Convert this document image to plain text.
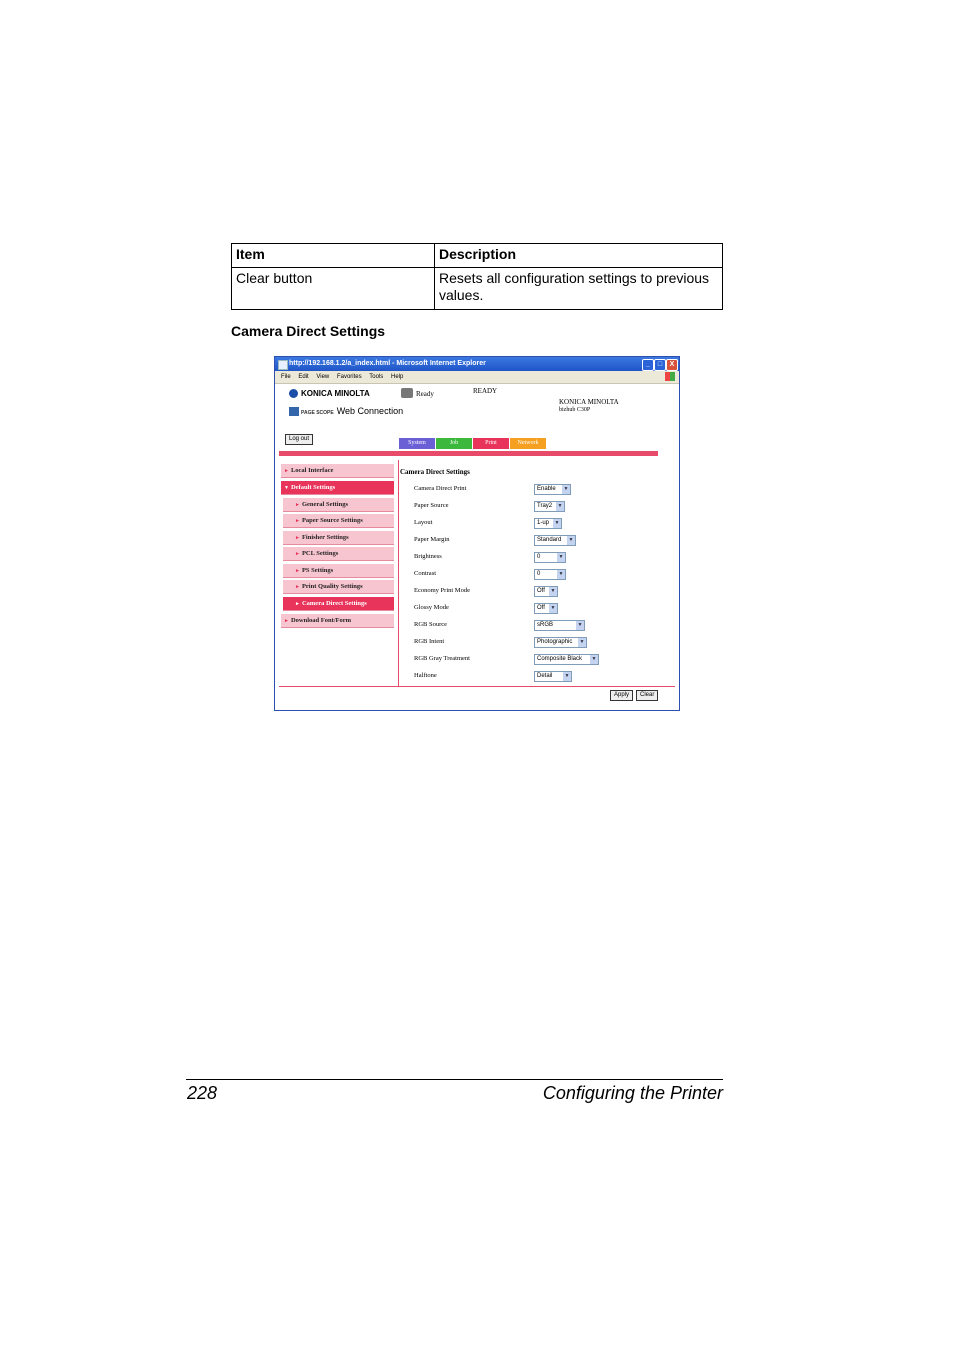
Item	Description
Clear button	Resets all configuration settings to previous values.
Camera Direct Settings
http://192.168.1.2/a_index.html - Microsoft Internet Explorer	_	□	X
File Edit View Favorites Tools Help
KONICA MINOLTA
PAGE SCOPE Web Connection
Ready	READY
KONICA MINOLTA
bizhub C30P
Log out
System	Job	Print	Network
► Local Interface
▼ Default Settings
► General Settings
► Paper Source Settings
► Finisher Settings
► PCL Settings
► PS Settings
► Print Quality Settings
► Camera Direct Settings
► Download Font/Form
Camera Direct Settings
Camera Direct Print	Enable	▼
Paper Source	Tray2	▼
Layout	1-up	▼
Paper Margin	Standard	▼
Brightness	0	▼
Contrast	0	▼
Economy Print Mode	Off	▼
Glossy Mode	Off	▼
RGB Source	sRGB	▼
RGB Intent	Photographic	▼
RGB Gray Treatment	Composite Black	▼
Halftone	Detail	▼
Apply	Clear
228	Configuring the Printer
